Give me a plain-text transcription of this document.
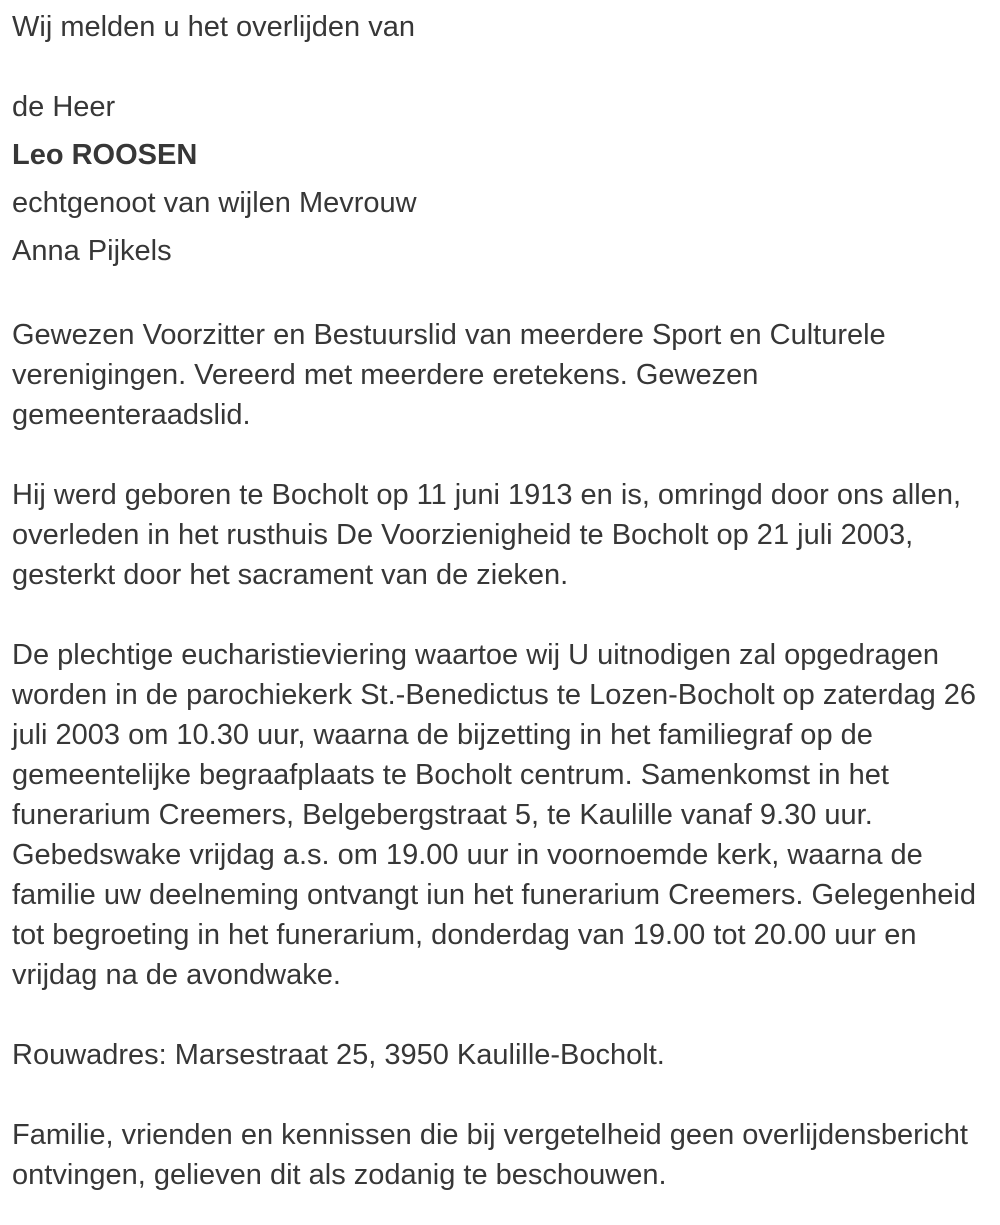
Wij melden u het overlijden van

de Heer

Leo ROOSEN

echtgenoot van wijlen Mevrouw

Anna Pijkels

Gewezen Voorzitter en Bestuurslid van meerdere Sport en Culturele verenigingen. Vereerd met meerdere eretekens. Gewezen gemeenteraadslid.

Hij werd geboren te Bocholt op 11 juni 1913 en is, omringd door ons allen, overleden in het rusthuis De Voorzienigheid te Bocholt op 21 juli 2003, gesterkt door het sacrament van de zieken.

De plechtige eucharistieviering waartoe wij U uitnodigen zal opgedragen worden in de parochiekerk St.-Benedictus te Lozen-Bocholt op zaterdag 26 juli 2003 om 10.30 uur, waarna de bijzetting in het familiegraf op de gemeentelijke begraafplaats te Bocholt centrum. Samenkomst in het funerarium Creemers, Belgebergstraat 5, te Kaulille vanaf 9.30 uur. Gebedswake vrijdag a.s. om 19.00 uur in voornoemde kerk, waarna de familie uw deelneming ontvangt iun het funerarium Creemers. Gelegenheid tot begroeting in het funerarium, donderdag van 19.00 tot 20.00 uur en vrijdag na de avondwake.

Rouwadres: Marsestraat 25, 3950 Kaulille-Bocholt.

Familie, vrienden en kennissen die bij vergetelheid geen overlijdensbericht ontvingen, gelieven dit als zodanig te beschouwen.
